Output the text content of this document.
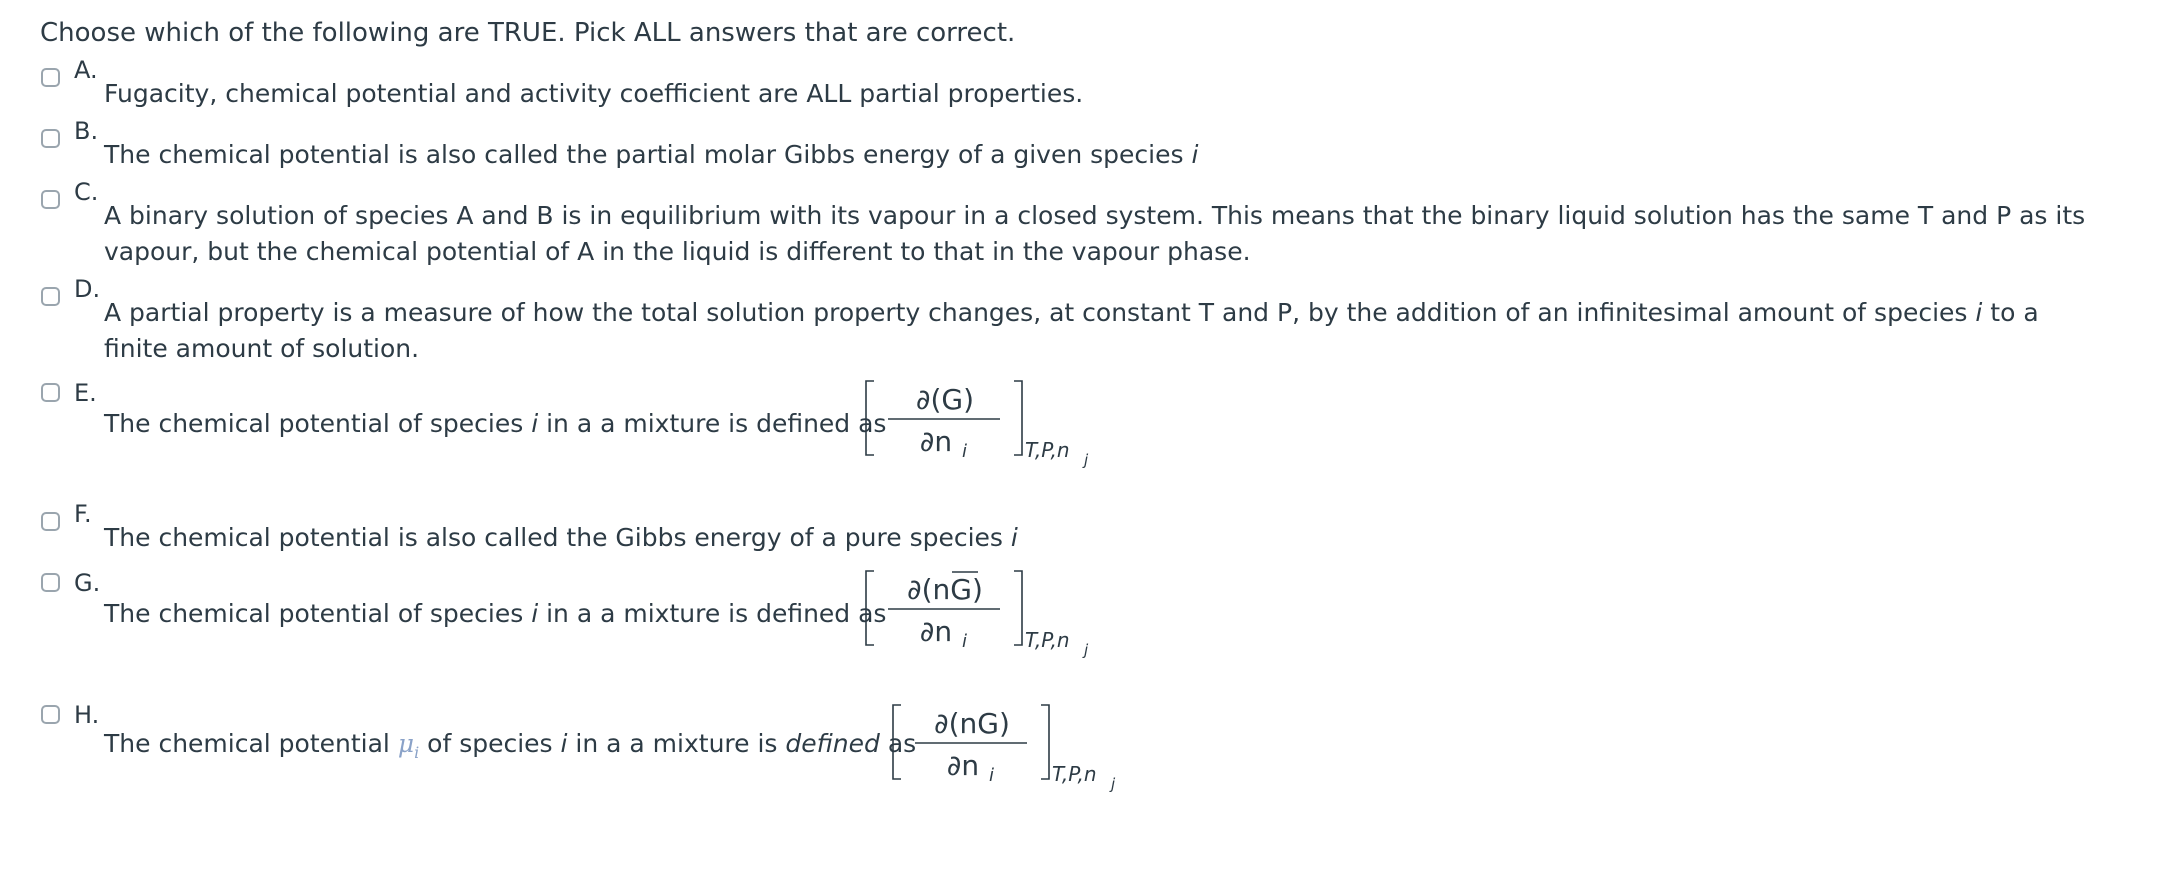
Choose which of the following are TRUE. Pick ALL answers that are correct.
A.
Fugacity, chemical potential and activity coefficient are ALL partial properties.
B.
The chemical potential is also called the partial molar Gibbs energy of a given species i
C.
A binary solution of species A and B is in equilibrium with its vapour in a closed system. This means that the binary liquid solution has the same T and P as its
vapour, but the chemical potential of A in the liquid is different to that in the vapour phase.
D.
A partial property is a measure of how the total solution property changes, at constant T and P, by the addition of an infinitesimal amount of species i to a
finite amount of solution.
E.
The chemical potential of species i in a a mixture is defined as
∂(G)
∂n i	T,P,n j
F.
The chemical potential is also called the Gibbs energy of a pure species i
G.
The chemical potential of species i in a a mixture is defined as
∂(nG)
∂n i	T,P,n j
H.
The chemical potential $\mu_i$ of species i in a a mixture is defined as
∂(nG)
∂n i	T,P,n j
